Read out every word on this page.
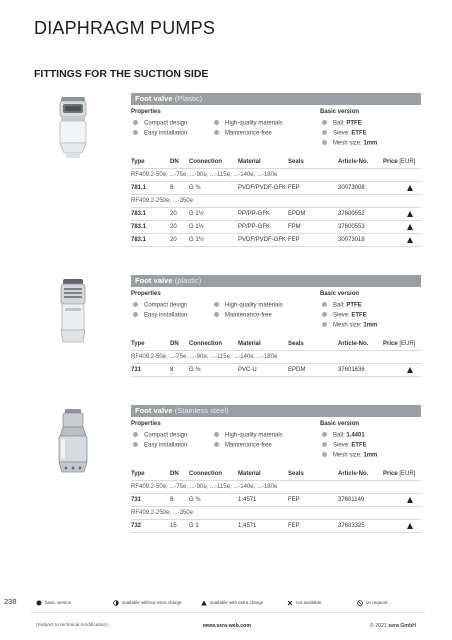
DIAPHRAGM PUMPS
FITTINGS FOR THE SUCTION SIDE
Foot valve (Plastic)
Properties	Basic version
Compact design
Easy installation
High-quality materials
Maintenance-free
Ball: PTFE
Sieve: ETFE
Mesh size: 1mm
Type	DN Connection	Material	Seals	Article-No. Price [EUR]
RF409.2-50e, ...-75e, ...-90e, ...-115e, ...-140e, ...-180e
781.1	8	G ⅜	PVDF/PVDF-GFK FEP	30073008
RF409.2-250e, ...-350e
783.1	20 G 1½	PP/PP-GFK	EPDM	37600552
783.1	20 G 1½	PP/PP-GFK	FPM	37600553
783.1	20 G 1½	PVDF/PVDF-GFK FEP	30073018
Foot valve (plastic)
Properties	Basic version
Compact design
Easy installation
High-quality materials
Maintenance-free
Ball: PTFE
Sieve: ETFE
Mesh size: 1mm
Type	DN Connection	Material	Seals	Article-No. Price [EUR]
RF409.2-50e, ...-75e, ...-90e, ...-115e, ...-140e, ...-180e
731	8	G ⅜	PVC-U	EPDM	37601636
Foot valve (Stainless steel)
Properties	Basic version
Compact design
Easy installation
High-quality materials
Maintenance-free
Ball: 1.4401
Sieve: ETFE
Mesh size: 1mm
Type	DN Connection	Material	Seals	Article-No. Price [EUR]
RF409.2-50e, ...-75e, ...-90e, ...-115e, ...-140e, ...-180e
731	8	G ⅜	1.4571	FEP	37601149
RF409.2-250e, ...-350e
732	15 G 1	1.4571	FEP	37603325
238	basic version	available without extra charge	available with extra charge	not available	on request
(Subject to technical modification)	www.sera-web.com	© 2021 sera GmbH
